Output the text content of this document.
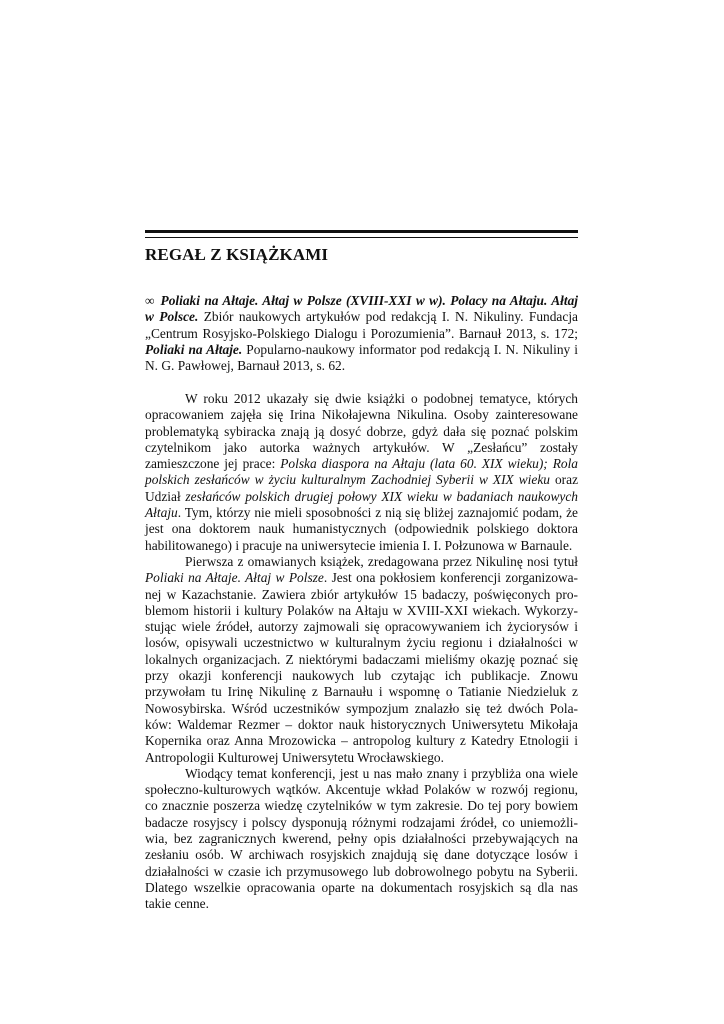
REGAŁ Z KSIĄŻKAMI

∞ Poliaki na Ałtaje. Ałtaj w Polsze (XVIII-XXI w w). Polacy na Ałtaju. Ałtaj w Polsce. Zbiór naukowych artykułów pod redakcją I. N. Nikuliny. Fundacja „Centrum Rosyjsko-Polskiego Dialogu i Porozumienia”. Barnauł 2013, s. 172; Poliaki na Ałtaje. Popularno-naukowy informator pod redakcją I. N. Nikuliny i N. G. Pawłowej, Barnauł 2013, s. 62.

W roku 2012 ukazały się dwie książki o podobnej tematyce, których opracowaniem zajęła się Irina Nikołajewna Nikulina. Osoby zainteresowane problematyką sybiracka znają ją dosyć dobrze, gdyż dała się poznać polskim czytelnikom jako autorka ważnych artykułów. W „Zesłańcu” zostały zamieszczone jej prace: Polska diaspora na Ałtaju (lata 60. XIX wieku); Rola polskich zesłańców w życiu kulturalnym Zachodniej Syberii w XIX wieku oraz Udział zesłańców polskich drugiej połowy XIX wieku w badaniach naukowych Ałtaju. Tym, którzy nie mieli sposobności z nią się bliżej zaznajomić podam, że jest ona doktorem nauk humanistycznych (odpowiednik polskiego doktora habilitowanego) i pracuje na uniwersytecie imienia I. I. Połzunowa w Barnaule.

Pierwsza z omawianych książek, zredagowana przez Nikulinę nosi tytuł Poliaki na Ałtaje. Ałtaj w Polsze. Jest ona pokłosiem konferencji zorganizowanej w Kazachstanie. Zawiera zbiór artykułów 15 badaczy, poświęconych problemom historii i kultury Polaków na Ałtaju w XVIII-XXI wiekach. Wykorzystując wiele źródeł, autorzy zajmowali się opracowywaniem ich życiorysów i losów, opisywali uczestnictwo w kulturalnym życiu regionu i działalności w lokalnych organizacjach. Z niektórymi badaczami mieliśmy okazję poznać się przy okazji konferencji naukowych lub czytając ich publikacje. Znowu przywołam tu Irinę Nikulinę z Barnaułu i wspomnę o Tatianie Niedzieluk z Nowosybirska. Wśród uczestników sympozjum znalazło się też dwóch Polaków: Waldemar Rezmer – doktor nauk historycznych Uniwersytetu Mikołaja Kopernika oraz Anna Mrozowicka – antropolog kultury z Katedry Etnologii i Antropologii Kulturowej Uniwersytetu Wrocławskiego.

Wiodący temat konferencji, jest u nas mało znany i przybliża ona wiele społeczno-kulturowych wątków. Akcentuje wkład Polaków w rozwój regionu, co znacznie poszerza wiedzę czytelników w tym zakresie. Do tej pory bowiem badacze rosyjscy i polscy dysponują różnymi rodzajami źródeł, co uniemożliwia, bez zagranicznych kwerend, pełny opis działalności przebywających na zesłaniu osób. W archiwach rosyjskich znajdują się dane dotyczące losów i działalności w czasie ich przymusowego lub dobrowolnego pobytu na Syberii. Dlatego wszelkie opracowania oparte na dokumentach rosyjskich są dla nas takie cenne.
